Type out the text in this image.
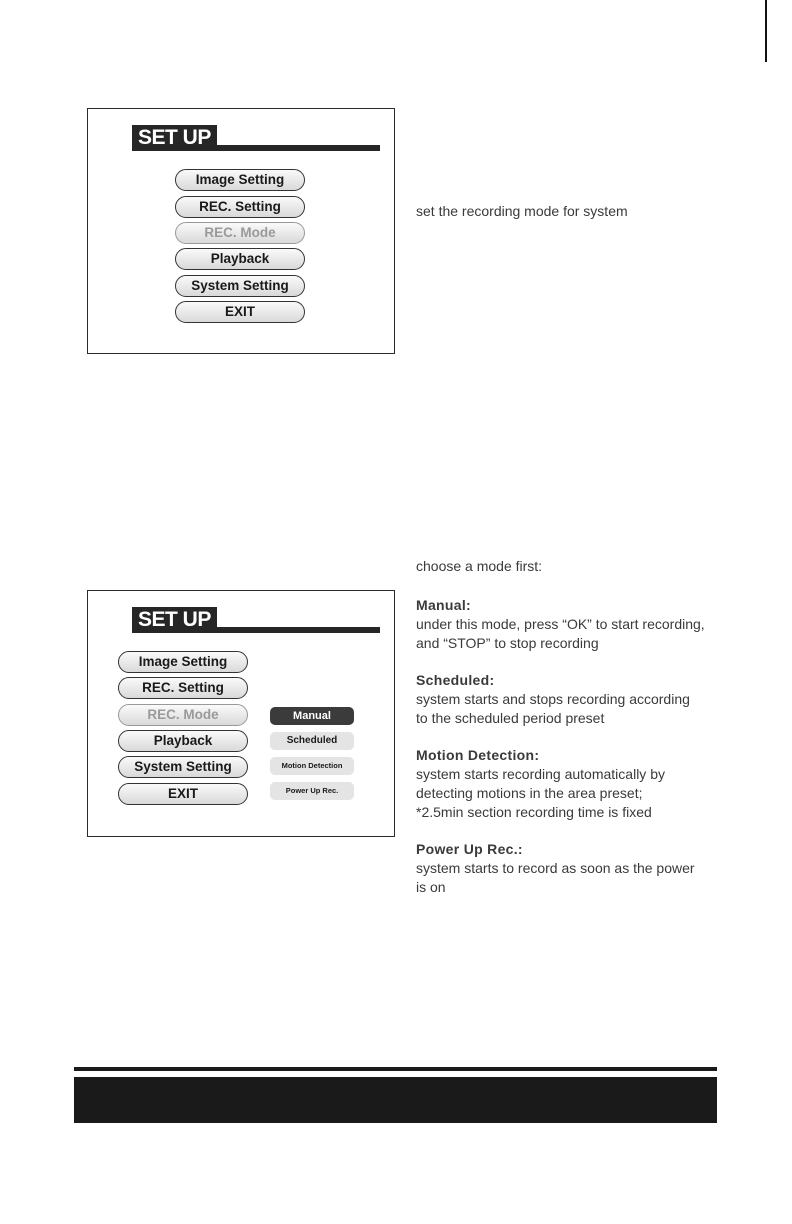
SET UP
Image Setting
REC. Setting
REC. Mode
Playback
System Setting
EXIT
set the recording mode for system
SET UP
Image Setting
REC. Setting
REC. Mode
Playback
System Setting
EXIT
Manual
Scheduled
Motion Detection
Power Up Rec.

choose a mode first:

Manual:

under this mode, press “OK” to start recording,

and “STOP” to stop recording

Scheduled:

system starts and stops recording according

to the scheduled period preset

Motion Detection:

system starts recording automatically by

detecting motions in the area preset;

*2.5min section recording time is fixed

Power Up Rec.:

system starts to record as soon as the power

is on
